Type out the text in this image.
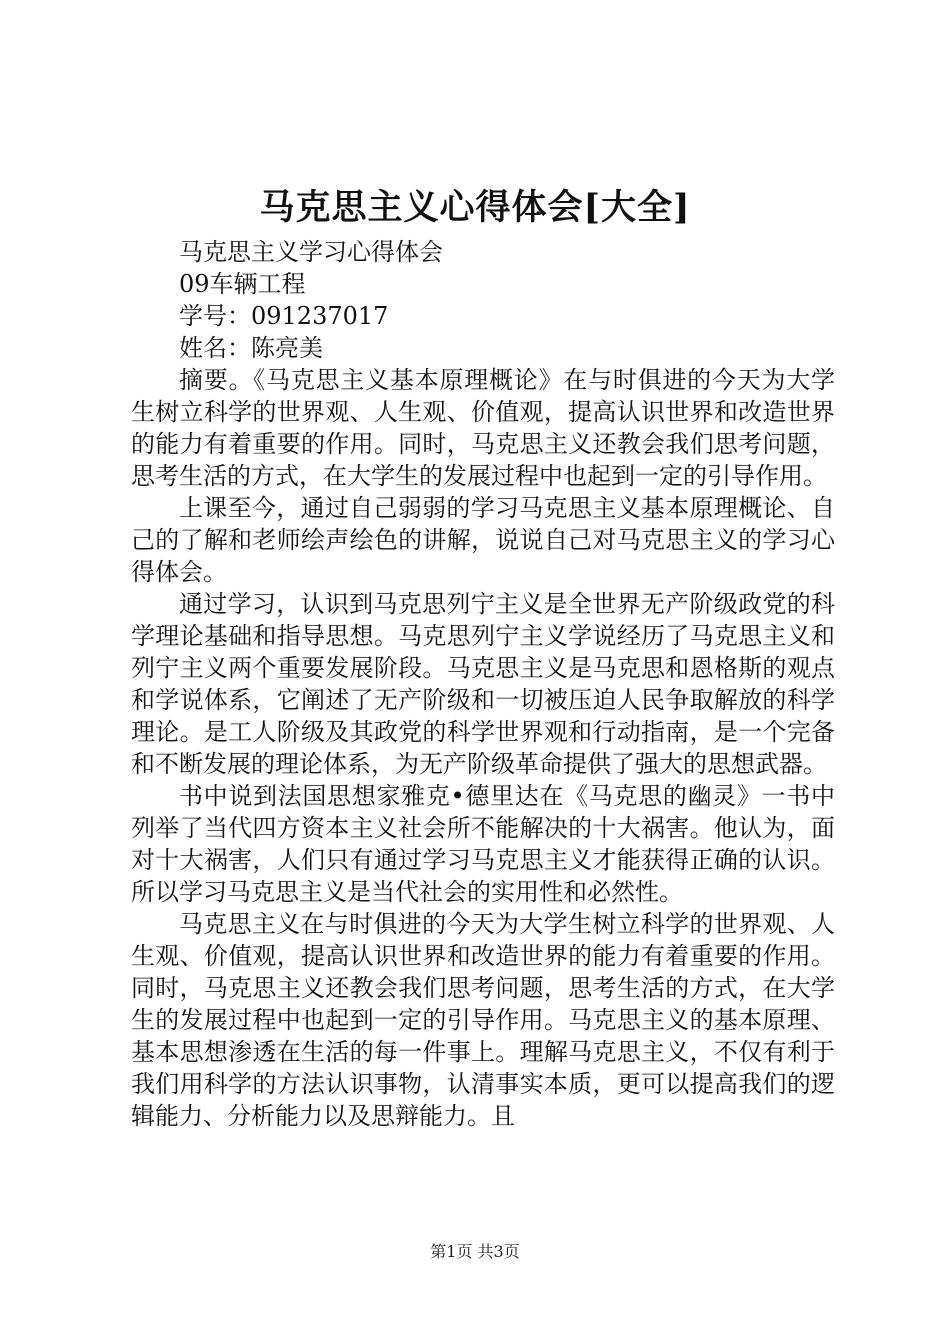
马克思主义心得体会[大全]

马克思主义学习心得体会

09车辆工程

学号：091237017

姓名：陈亮美

摘要。《马克思主义基本原理概论》在与时俱进的今天为大学生树立科学的世界观、人生观、价值观，提高认识世界和改造世界的能力有着重要的作用。同时，马克思主义还教会我们思考问题，思考生活的方式，在大学生的发展过程中也起到一定的引导作用。

上课至今，通过自己弱弱的学习马克思主义基本原理概论、自己的了解和老师绘声绘色的讲解，说说自己对马克思主义的学习心得体会。

通过学习，认识到马克思列宁主义是全世界无产阶级政党的科学理论基础和指导思想。马克思列宁主义学说经历了马克思主义和列宁主义两个重要发展阶段。马克思主义是马克思和恩格斯的观点和学说体系，它阐述了无产阶级和一切被压迫人民争取解放的科学理论。是工人阶级及其政党的科学世界观和行动指南，是一个完备和不断发展的理论体系，为无产阶级革命提供了强大的思想武器。

书中说到法国思想家雅克•德里达在《马克思的幽灵》一书中列举了当代四方资本主义社会所不能解决的十大祸害。他认为，面对十大祸害，人们只有通过学习马克思主义才能获得正确的认识。所以学习马克思主义是当代社会的实用性和必然性。

马克思主义在与时俱进的今天为大学生树立科学的世界观、人生观、价值观，提高认识世界和改造世界的能力有着重要的作用。同时，马克思主义还教会我们思考问题，思考生活的方式，在大学生的发展过程中也起到一定的引导作用。马克思主义的基本原理、基本思想渗透在生活的每一件事上。理解马克思主义，不仅有利于我们用科学的方法认识事物，认清事实本质，更可以提高我们的逻辑能力、分析能力以及思辩能力。且

第1页 共3页
